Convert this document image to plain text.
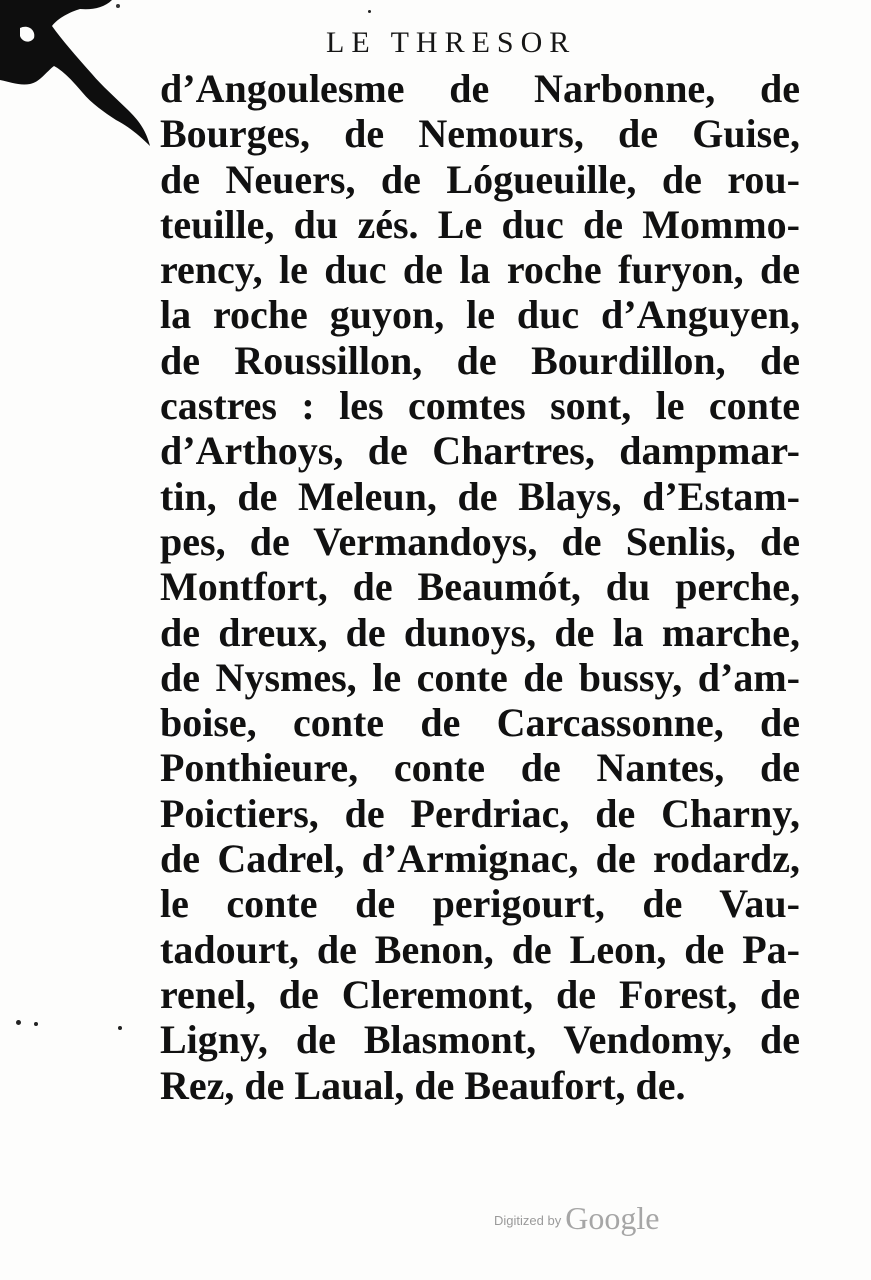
LE THRESOR
d’Angoulesme de Narbonne, de
Bourges, de Nemours, de Guise,
de Neuers, de Lógueuille, de rou-
teuille, du zés. Le duc de Mommo-
rency, le duc de la roche furyon, de
la roche guyon, le duc d’Anguyen,
de Roussillon, de Bourdillon, de
castres : les comtes sont, le conte
d’Arthoys, de Chartres, dampmar-
tin, de Meleun, de Blays, d’Estam-
pes, de Vermandoys, de Senlis, de
Montfort, de Beaumót, du perche,
de dreux, de dunoys, de la marche,
de Nysmes, le conte de bussy, d’am-
boise, conte de Carcassonne, de
Ponthieure, conte de Nantes, de
Poictiers, de Perdriac, de Charny,
de Cadrel, d’Armignac, de rodardz,
le conte de perigourt, de Vau-
tadourt, de Benon, de Leon, de Pa-
renel, de Cleremont, de Forest, de
Ligny, de Blasmont, Vendomy, de
Rez, de Laual, de Beaufort, de.
$^{Digitized by}$ Google
